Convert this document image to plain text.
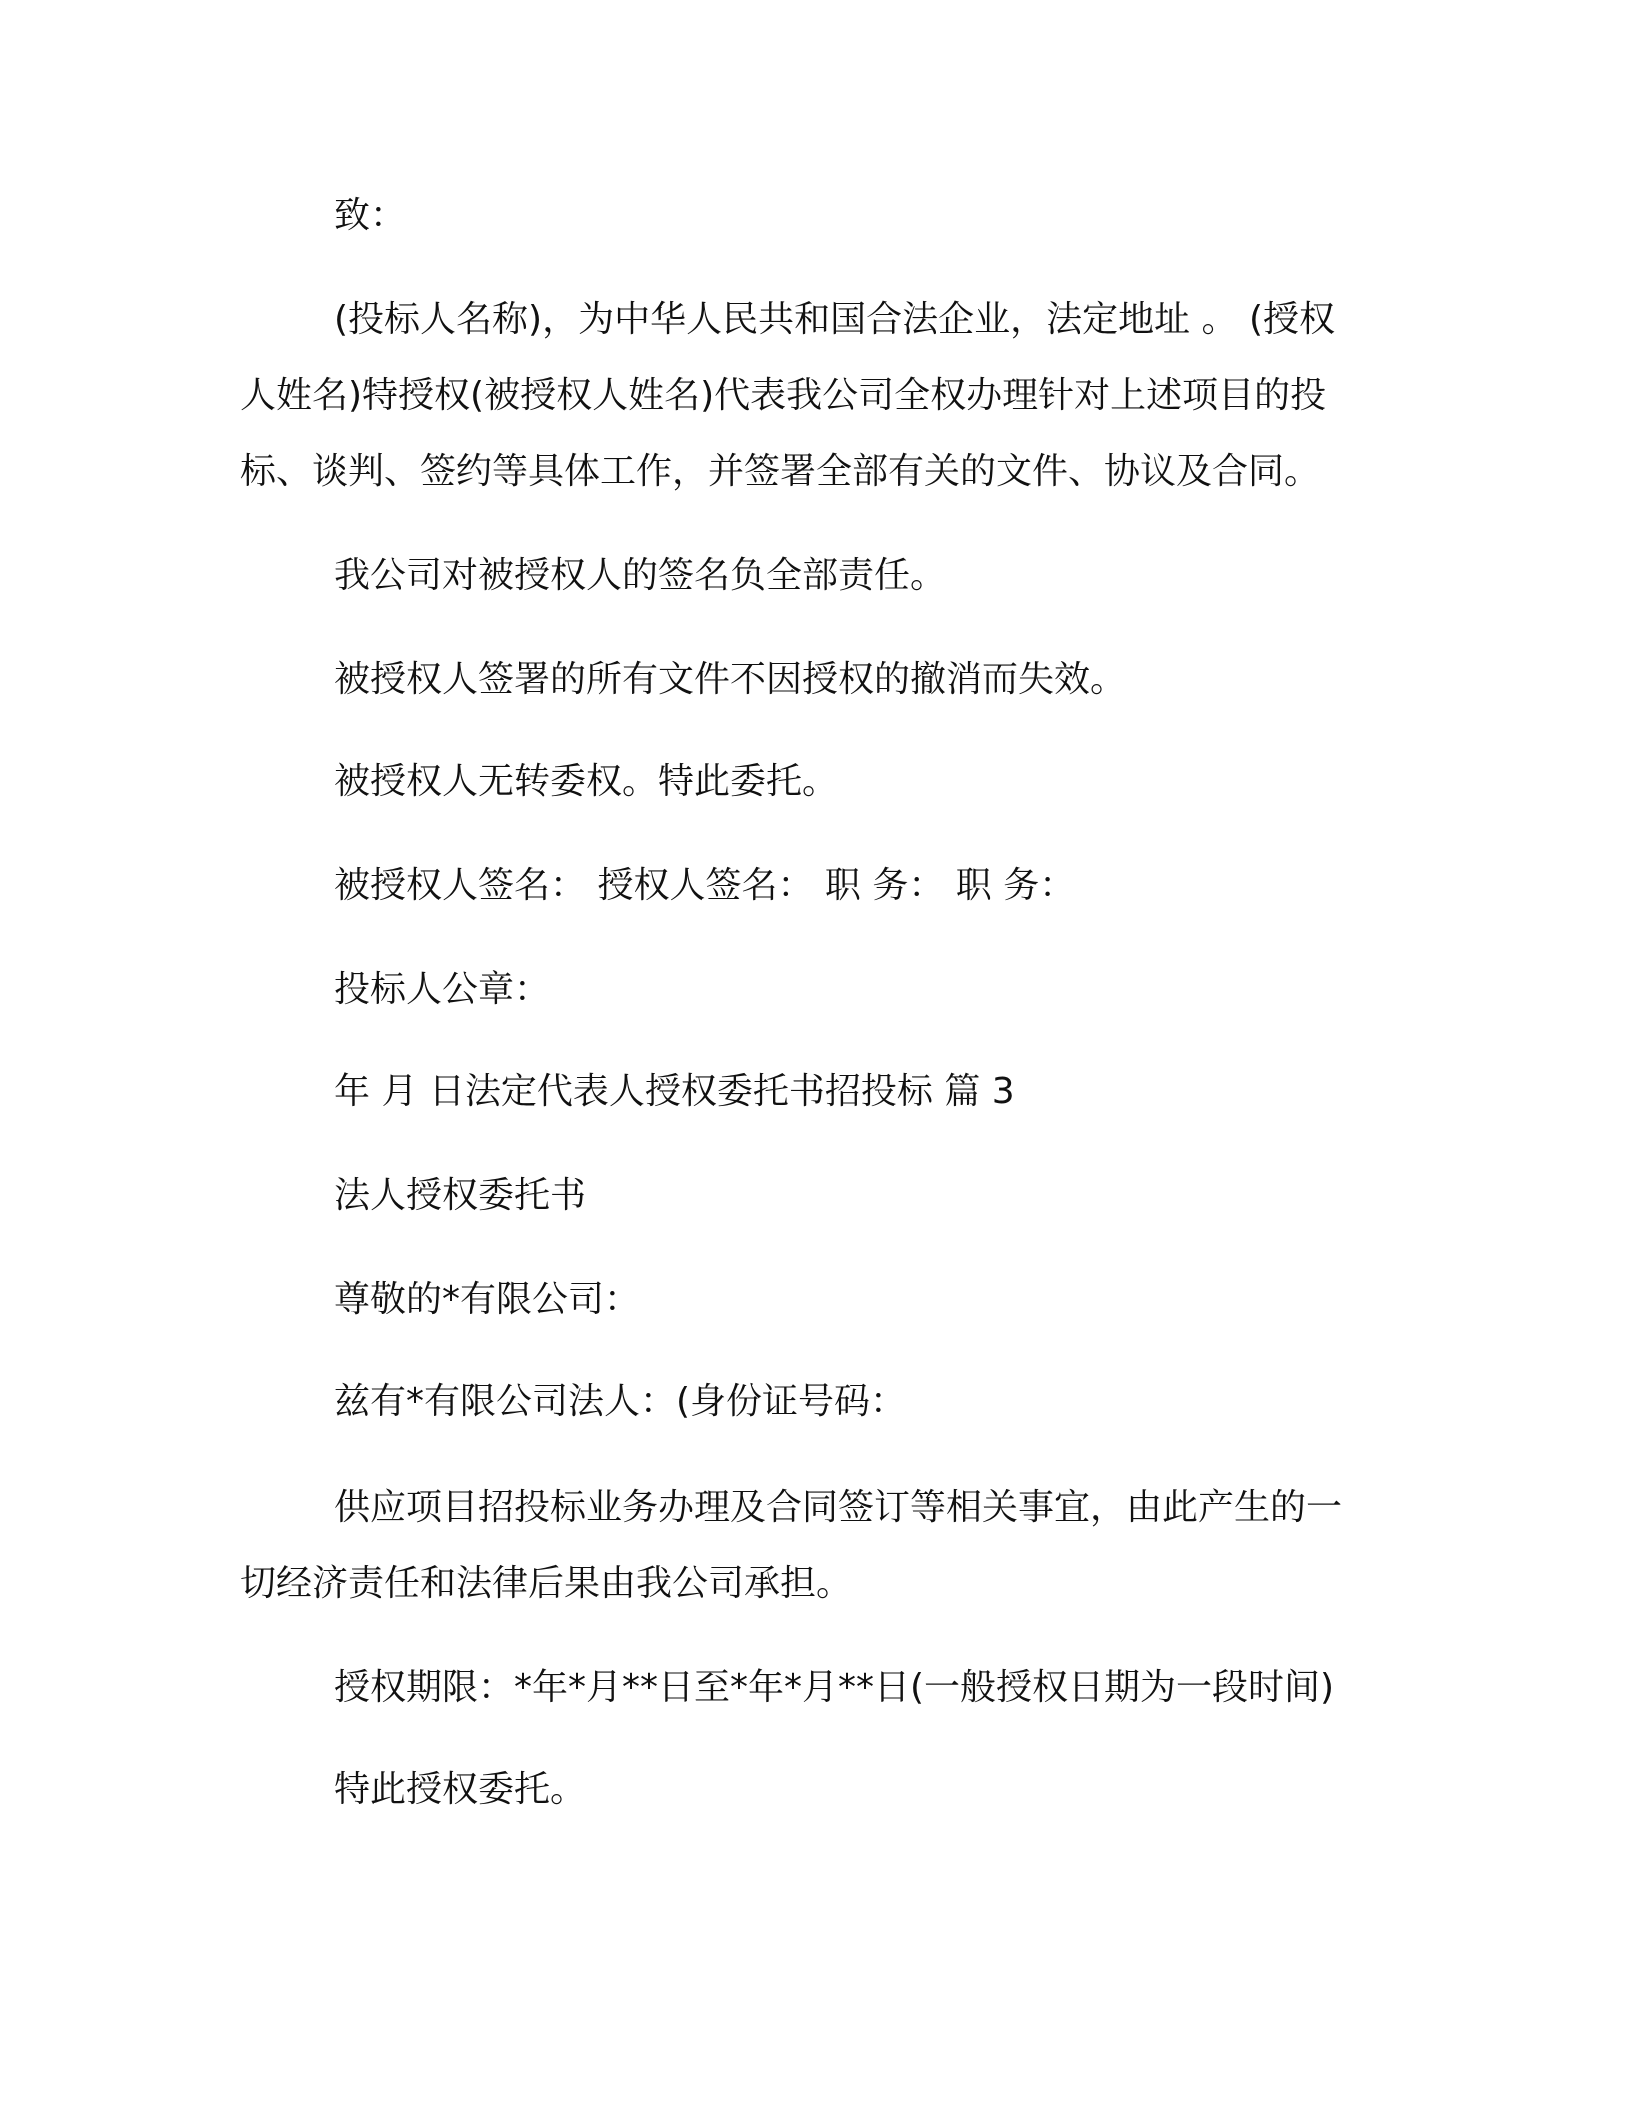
致：
(投标人名称)，为中华人民共和国合法企业，法定地址 。 (授权
人姓名)特授权(被授权人姓名)代表我公司全权办理针对上述项目的投
标、谈判、签约等具体工作，并签署全部有关的文件、协议及合同。
我公司对被授权人的签名负全部责任。
被授权人签署的所有文件不因授权的撤消而失效。
被授权人无转委权。特此委托。
被授权人签名： 授权人签名： 职 务： 职 务：
投标人公章：
年 月 日法定代表人授权委托书招投标 篇 3
法人授权委托书
尊敬的*有限公司：
兹有*有限公司法人：(身份证号码：
供应项目招投标业务办理及合同签订等相关事宜，由此产生的一
切经济责任和法律后果由我公司承担。
授权期限：*年*月**日至*年*月**日(一般授权日期为一段时间)
特此授权委托。
